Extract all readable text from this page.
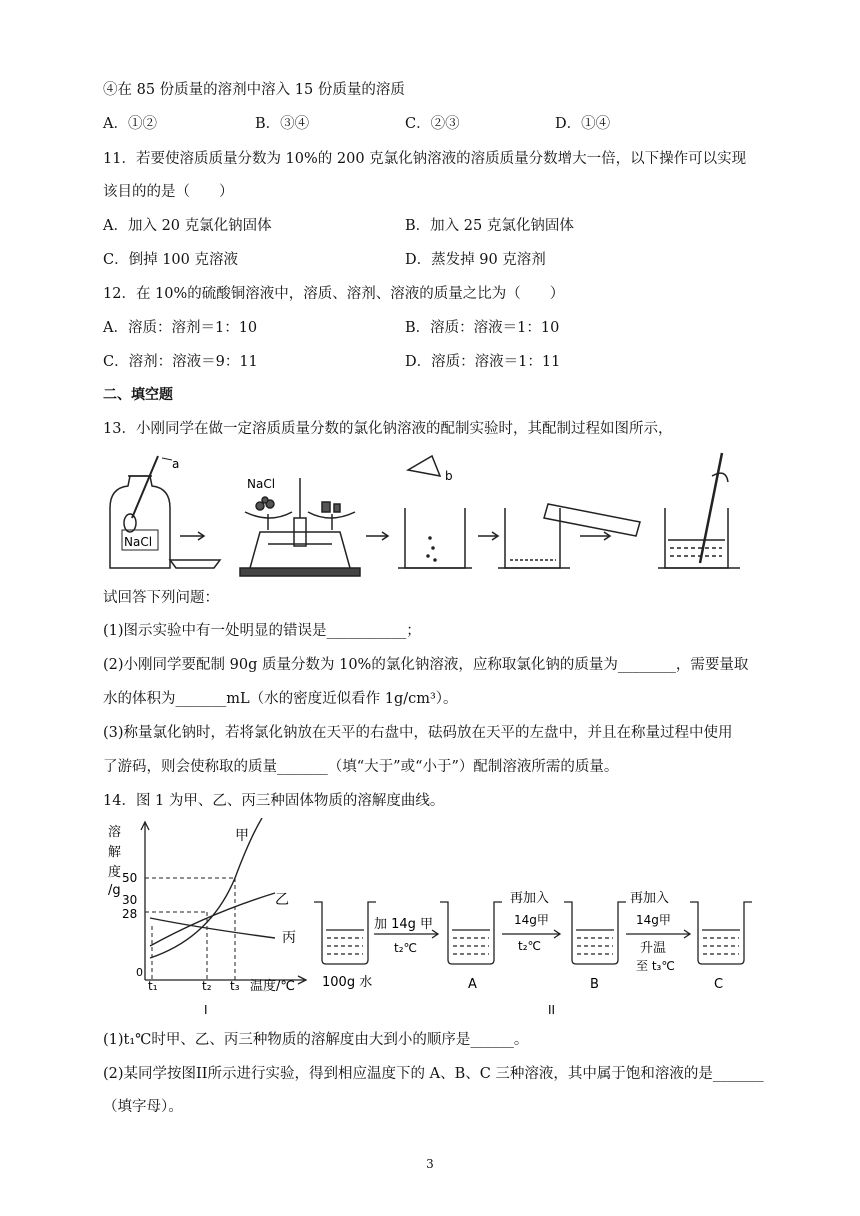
④在 85 份质量的溶剂中溶入 15 份质量的溶质
A．①②	B．③④	C．②③	D．①④
11．若要使溶质质量分数为 10%的 200 克氯化钠溶液的溶质质量分数增大一倍，以下操作可以实现
该目的的是（　　）
A．加入 20 克氯化钠固体	B．加入 25 克氯化钠固体
C．倒掉 100 克溶液	D．蒸发掉 90 克溶剂
12．在 10%的硫酸铜溶液中，溶质、溶剂、溶液的质量之比为（　　）
A．溶质：溶剂＝1：10	B．溶质：溶液＝1：10
C．溶剂：溶液＝9：11	D．溶质：溶液＝1：11
二、填空题
13．小刚同学在做一定溶质质量分数的氯化钠溶液的配制实验时，其配制过程如图所示，
a
NaCl
NaCl
b
试回答下列问题：
(1)图示实验中有一处明显的错误是___________；
(2)小刚同学要配制 90g 质量分数为 10%的氯化钠溶液，应称取氯化钠的质量为________，需要量取
水的体积为_______mL（水的密度近似看作 1g/cm³）。
(3)称量氯化钠时，若将氯化钠放在天平的右盘中，砝码放在天平的左盘中，并且在称量过程中使用
了游码，则会使称取的质量_______（填“大于”或“小于”）配制溶液所需的质量。
14．图 1 为甲、乙、丙三种固体物质的溶解度曲线。
溶
解
度
/g
50
30
28
0
t₁	t₂ t₃ 温度/℃
甲
乙
丙
I
加 14g 甲
t₂℃
再加入
14g甲
t₂℃
再加入
14g甲
升温
至 t₃℃
100g 水	A	B	C
II
(1)t₁℃时甲、乙、丙三种物质的溶解度由大到小的顺序是______。
(2)某同学按图II所示进行实验，得到相应温度下的 A、B、C 三种溶液，其中属于饱和溶液的是_______
（填字母）。
3
